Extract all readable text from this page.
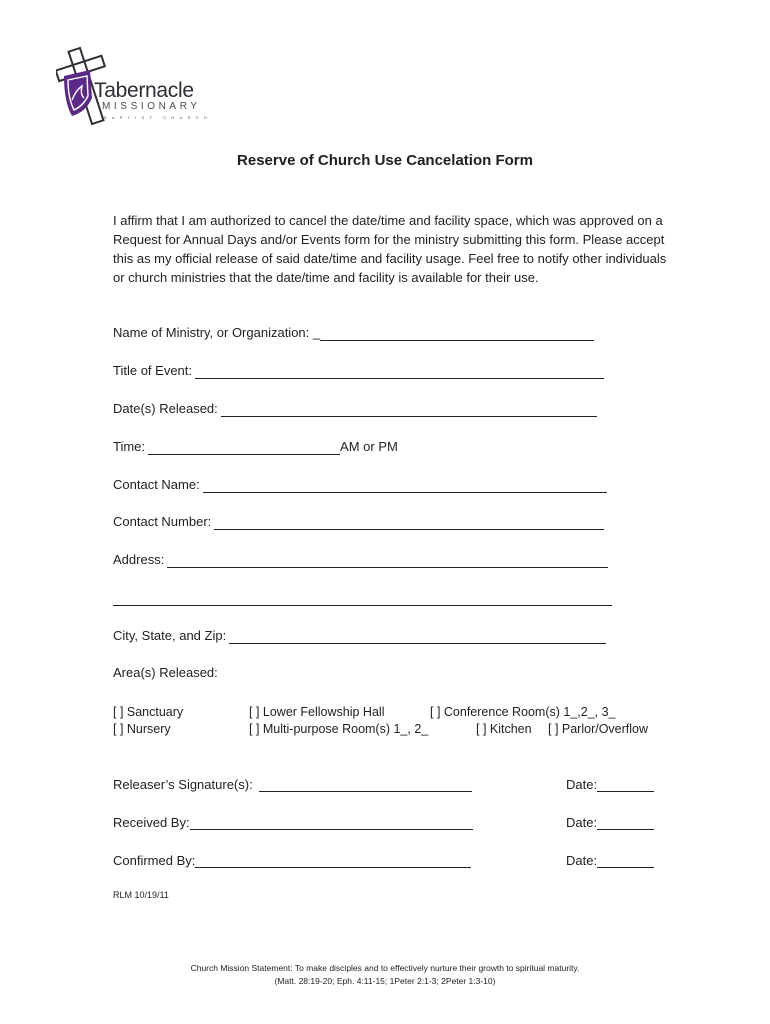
Tabernacle
MISSIONARY
BAPTIST CHURCH
Reserve of Church Use Cancelation Form
I affirm that I am authorized to cancel the date/time and facility space, which was approved on a Request for Annual Days and/or Events form for the ministry submitting this form. Please accept this as my official release of said date/time and facility usage. Feel free to notify other individuals or church ministries that the date/time and facility is available for their use.
Name of Ministry, or Organization: _
Title of Event:
Date(s) Released:
Time:	AM or PM
Contact Name:
Contact Number:
Address:
City, State, and Zip:
Area(s) Released:
[ ] Sanctuary
[ ] Nursery
[ ] Lower Fellowship Hall
[ ] Multi-purpose Room(s) 1_, 2_
[ ] Conference Room(s) 1_,2_, 3_
[ ] Kitchen [ ] Parlor/Overflow
Releaser’s Signature(s):	Date:
Received By:	Date:
Confirmed By:	Date:
RLM 10/19/11
Church Mission Statement: To make disciples and to effectively nurture their growth to spiritual maturity.
(Matt. 28:19-20; Eph. 4:11-15; 1Peter 2:1-3; 2Peter 1:3-10)
